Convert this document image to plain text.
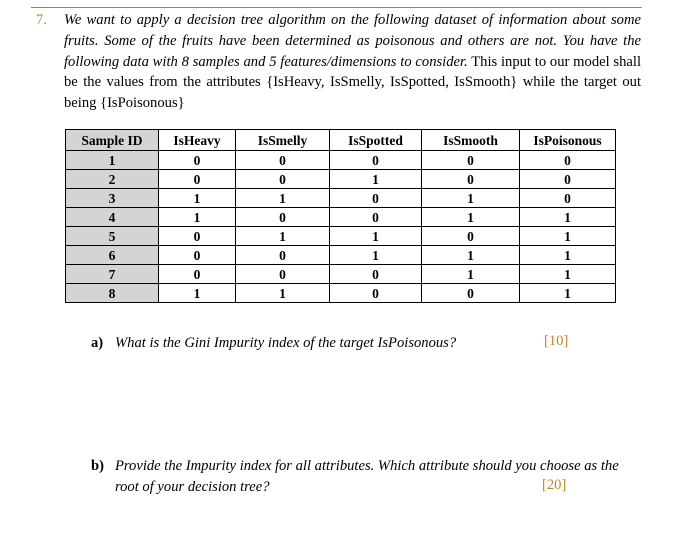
7.	We want to apply a decision tree algorithm on the following dataset of information about some fruits. Some of the fruits have been determined as poisonous and others are not. You have the following data with 8 samples and 5 features/dimensions to consider. This input to our model shall be the values from the attributes {IsHeavy, IsSmelly, IsSpotted, IsSmooth} while the target out being {IsPoisonous}
Sample ID	IsHeavy	IsSmelly	IsSpotted	IsSmooth	IsPoisonous
1	0	0	0	0	0
2	0	0	1	0	0
3	1	1	0	1	0
4	1	0	0	1	1
5	0	1	1	0	1
6	0	0	1	1	1
7	0	0	0	1	1
8	1	1	0	0	1
a) What is the Gini Impurity index of the target IsPoisonous?	[10]
b) Provide the Impurity index for all attributes. Which attribute should you choose as the root of your decision tree?	[20]
